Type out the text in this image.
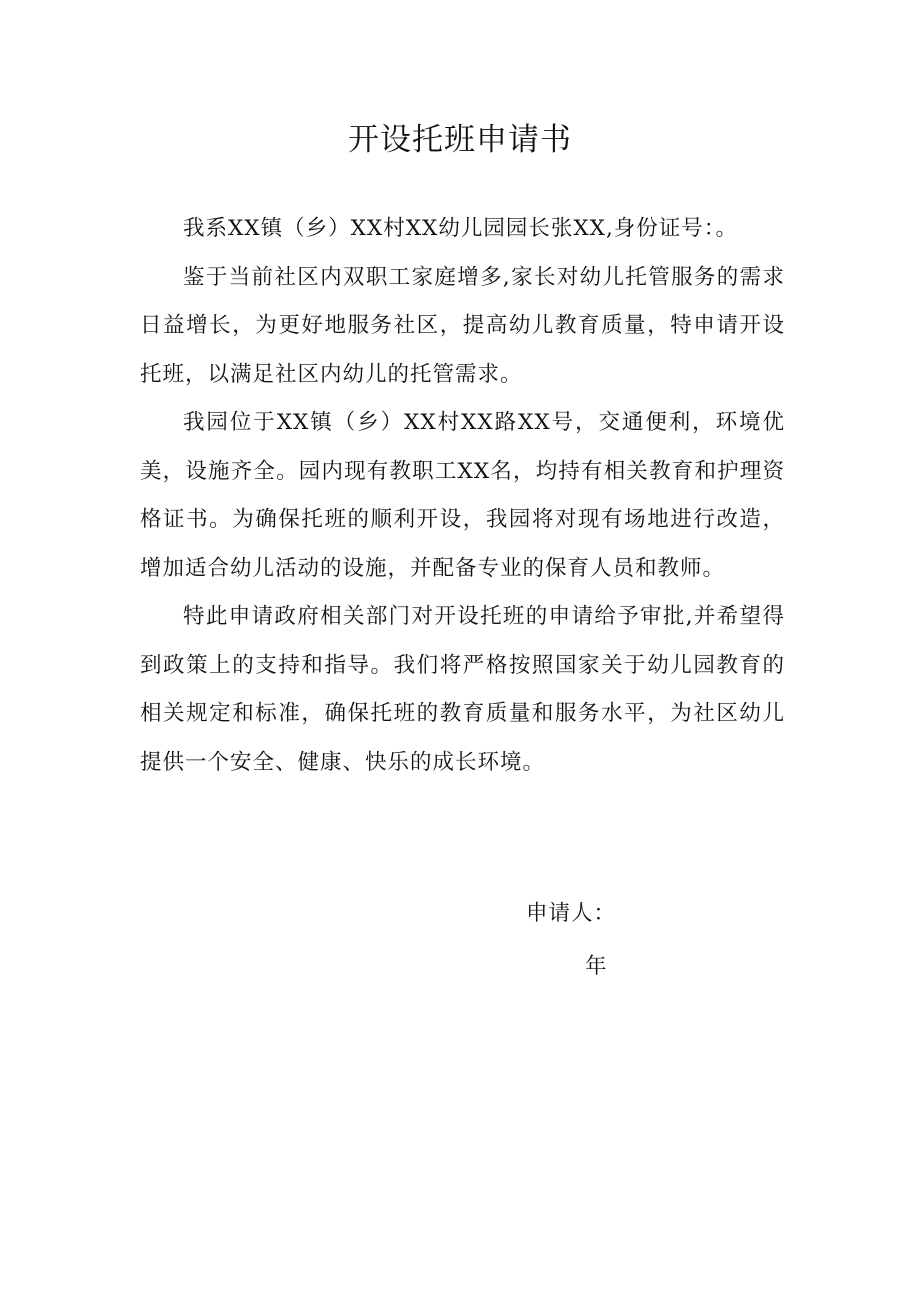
开设托班申请书

我系XX镇（乡）XX村XX幼儿园园长张XX,身份证号：。

鉴于当前社区内双职工家庭增多,家长对幼儿托管服务的需求日益增长，为更好地服务社区，提高幼儿教育质量，特申请开设托班，以满足社区内幼儿的托管需求。

我园位于XX镇（乡）XX村XX路XX号，交通便利，环境优美，设施齐全。园内现有教职工XX名，均持有相关教育和护理资格证书。为确保托班的顺利开设，我园将对现有场地进行改造，增加适合幼儿活动的设施，并配备专业的保育人员和教师。

特此申请政府相关部门对开设托班的申请给予审批,并希望得到政策上的支持和指导。我们将严格按照国家关于幼儿园教育的相关规定和标准，确保托班的教育质量和服务水平，为社区幼儿提供一个安全、健康、快乐的成长环境。

申请人：
年
